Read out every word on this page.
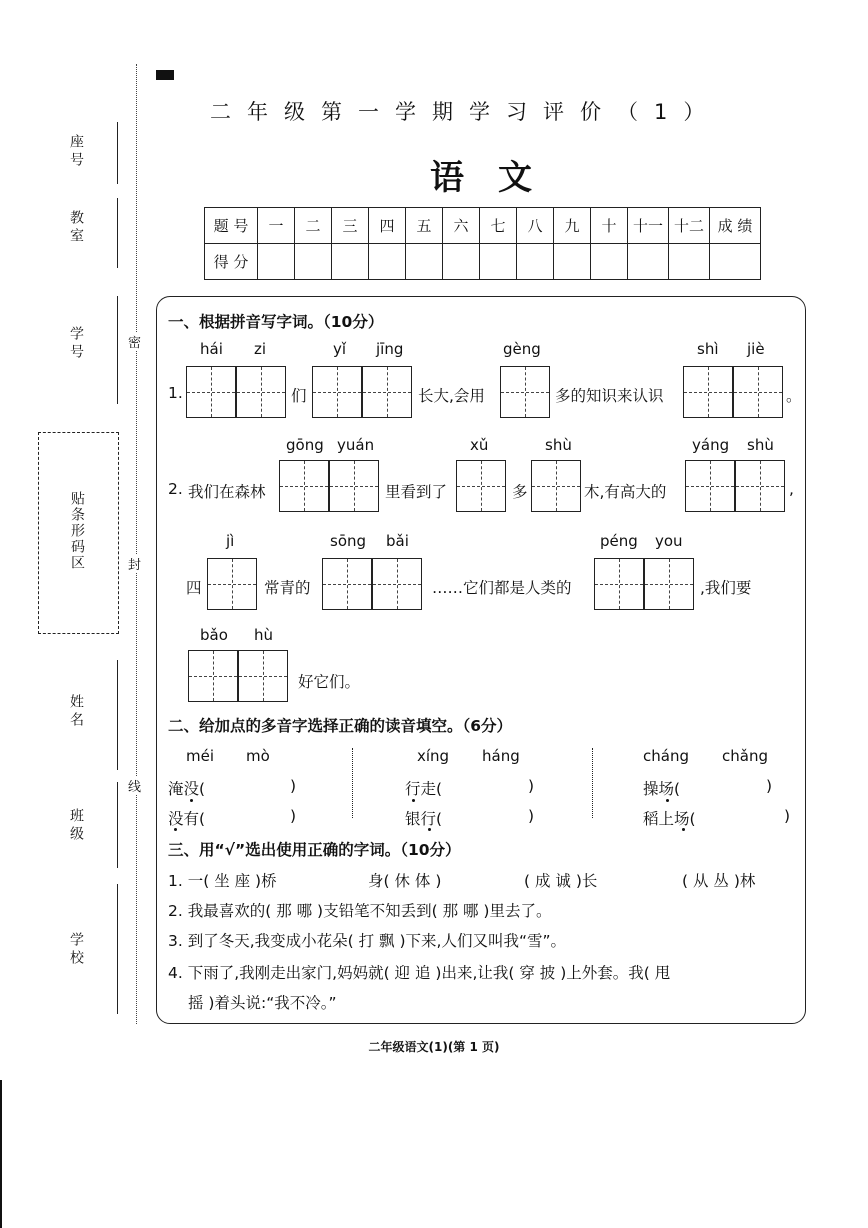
座号
教室
学号
姓名
班级
学校
密
封
线
贴条形码区
二年级第一学期学习评价（1）
语文
题 号	一	二	三	四	五	六	七	八	九	十	十一	十二	成 绩
得 分													
一、根据拼音写字词。（10分）
hái zi
1.	们
yǐ jīng
长大,会用
gèng
多的知识来认识
shì jiè
。
2. 我们在森林
gōng yuán
里看到了
xǔ
多
shù
木,有高大的
yáng shù
,
四
jì
常青的
sōng bǎi
……它们都是人类的
péng you
,我们要
bǎo hù
好它们。
二、给加点的多音字选择正确的读音填空。（6分）
méi mò
淹没(	)
没有(	)
xíng háng
行走(	)
银行(	)
cháng chǎng
操场(	)
稻上场(	)
三、用“√”选出使用正确的字词。（10分）
1. 一( 坐 座 )桥	身( 休 体 )	( 成 诚 )长	( 从 丛 )林
2. 我最喜欢的( 那 哪 )支铅笔不知丢到( 那 哪 )里去了。
3. 到了冬天,我变成小花朵( 打 飘 )下来,人们又叫我“雪”。
4. 下雨了,我刚走出家门,妈妈就( 迎 追 )出来,让我( 穿 披 )上外套。我( 甩
摇 )着头说:“我不冷。”
二年级语文(1)(第 1 页)
